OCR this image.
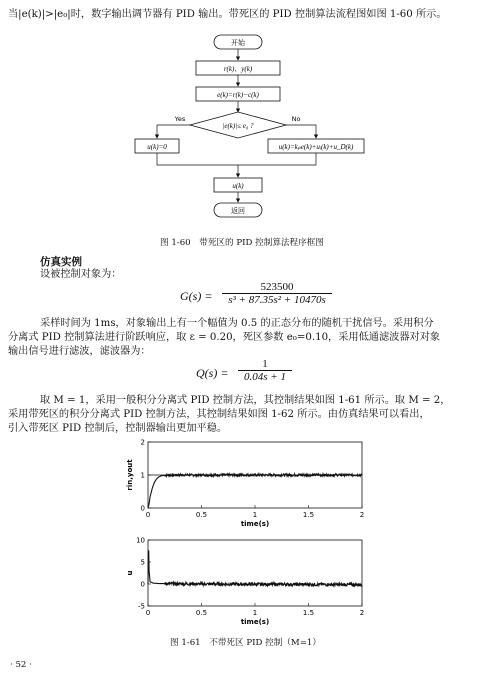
当|e(k)|>|e₀|时，数字输出调节器有 PID 输出。带死区的 PID 控制算法流程图如图 1-60 所示。
开始
r(k)、y(k)
e(k)=r(k)−c(k)
|e(k)|≤ e₀ ?
Yes	No
u(k)=0	u(k)=kₚe(k)+uᵢ(k)+u_D(k)
u(k)
返回
图 1-60　带死区的 PID 控制算法程序框图
仿真实例
设被控制对象为：
$G(s) = \frac{523500}{\text{s³ + 87.35s² + 10470s}}$
采样时间为 1ms，对象输出上有一个幅值为 0.5 的正态分布的随机干扰信号。采用积分
分离式 PID 控制算法进行阶跃响应，取 ε = 0.20，死区参数 e₀=0.10，采用低通滤波器对对象
输出信号进行滤波，滤波器为：
$Q(s) = \frac{1}{0.04s + 1}$
取 M = 1，采用一般积分分离式 PID 控制方法，其控制结果如图 1-61 所示。取 M = 2，
采用带死区的积分分离式 PID 控制方法，其控制结果如图 1-62 所示。由仿真结果可以看出，
引入带死区 PID 控制后，控制器输出更加平稳。
0	0.5	1	1.5	2
0
1
2
time(s)
rin,yout
0	0.5	1	1.5	2
-5
0
5
10
time(s)
u
图 1-61　不带死区 PID 控制（M=1）
· 52 ·
